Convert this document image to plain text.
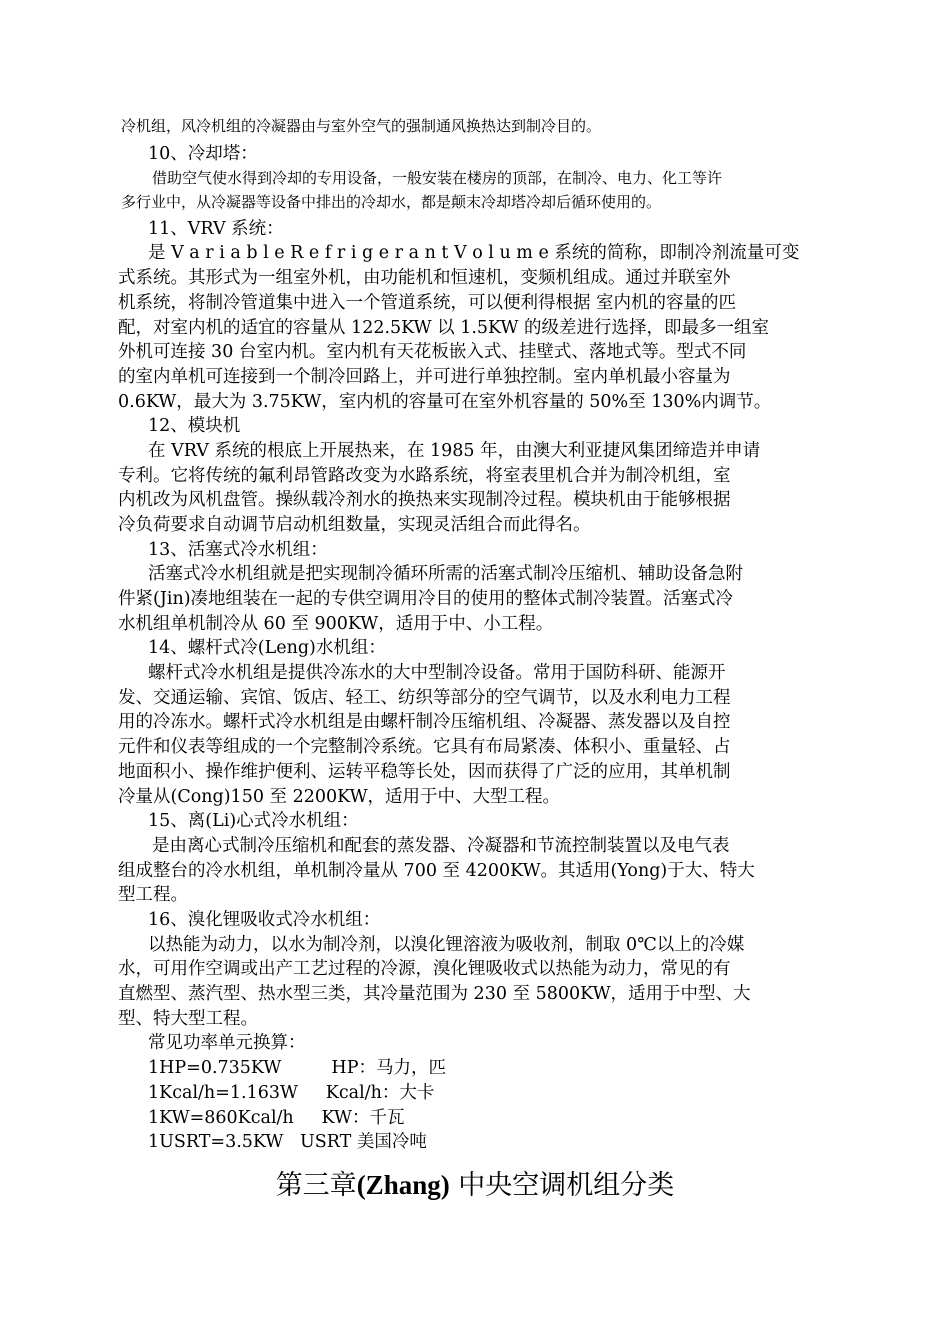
冷机组，风冷机组的冷凝器由与室外空气的强制通风换热达到制冷目的。
10、冷却塔：
借助空气使水得到冷却的专用设备，一般安装在楼房的顶部，在制冷、电力、化工等许
多行业中，从冷凝器等设备中排出的冷却水，都是颠末冷却塔冷却后循环使用的。
11、VRV 系统：
是 V a r i a b l e R e f r i g e r a n t V o l u m e 系统的简称，即制冷剂流量可变
式系统。其形式为一组室外机，由功能机和恒速机，变频机组成。通过并联室外
机系统，将制冷管道集中进入一个管道系统，可以便利得根据 室内机的容量的匹
配，对室内机的适宜的容量从 122.5KW 以 1.5KW 的级差进行选择，即最多一组室
外机可连接 30 台室内机。室内机有天花板嵌入式、挂壁式、落地式等。型式不同
的室内单机可连接到一个制冷回路上，并可进行单独控制。室内单机最小容量为
0.6KW，最大为 3.75KW，室内机的容量可在室外机容量的 50%至 130%内调节。
12、模块机
在 VRV 系统的根底上开展热来，在 1985 年，由澳大利亚捷风集团缔造并申请
专利。它将传统的氟利昂管路改变为水路系统，将室表里机合并为制冷机组，室
内机改为风机盘管。操纵载冷剂水的换热来实现制冷过程。模块机由于能够根据
冷负荷要求自动调节启动机组数量，实现灵活组合而此得名。
13、活塞式冷水机组：
活塞式冷水机组就是把实现制冷循环所需的活塞式制冷压缩机、辅助设备急附
件紧(Jin)凑地组装在一起的专供空调用冷目的使用的整体式制冷装置。活塞式冷
水机组单机制冷从 60 至 900KW，适用于中、小工程。
14、螺杆式冷(Leng)水机组：
螺杆式冷水机组是提供冷冻水的大中型制冷设备。常用于国防科研、能源开
发、交通运输、宾馆、饭店、轻工、纺织等部分的空气调节，以及水利电力工程
用的冷冻水。螺杆式冷水机组是由螺杆制冷压缩机组、冷凝器、蒸发器以及自控
元件和仪表等组成的一个完整制冷系统。它具有布局紧凑、体积小、重量轻、占
地面积小、操作维护便利、运转平稳等长处，因而获得了广泛的应用，其单机制
冷量从(Cong)150 至 2200KW，适用于中、大型工程。
15、离(Li)心式冷水机组：
是由离心式制冷压缩机和配套的蒸发器、冷凝器和节流控制装置以及电气表
组成整台的冷水机组，单机制冷量从 700 至 4200KW。其适用(Yong)于大、特大
型工程。
16、溴化锂吸收式冷水机组：
以热能为动力，以水为制冷剂，以溴化锂溶液为吸收剂，制取 0℃以上的冷媒
水，可用作空调或出产工艺过程的冷源，溴化锂吸收式以热能为动力，常见的有
直燃型、蒸汽型、热水型三类，其冷量范围为 230 至 5800KW，适用于中型、大
型、特大型工程。
常见功率单元换算：
1HP=0.735KW         HP：马力，匹
1Kcal/h=1.163W     Kcal/h：大卡
1KW=860Kcal/h     KW：千瓦
1USRT=3.5KW   USRT 美国冷吨
第三章(Zhang) 中央空调机组分类
